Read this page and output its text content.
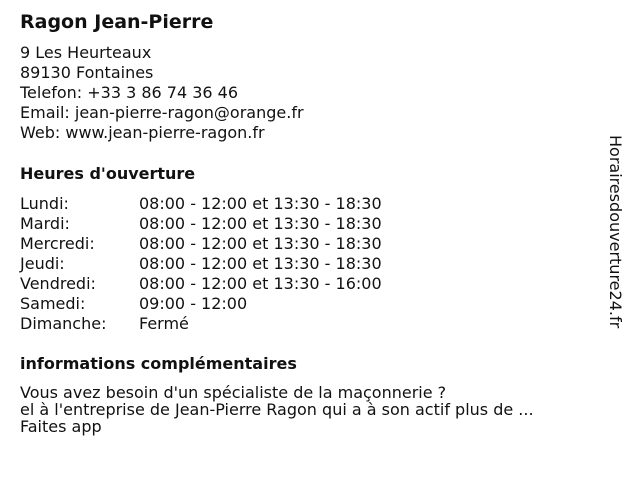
Ragon Jean-Pierre
9 Les Heurteaux
89130 Fontaines
Telefon: +33 3 86 74 36 46
Email: jean-pierre-ragon@orange.fr
Web: www.jean-pierre-ragon.fr
Heures d'ouverture
Lundi:	08:00 - 12:00 et 13:30 - 18:30
Mardi:	08:00 - 12:00 et 13:30 - 18:30
Mercredi:	08:00 - 12:00 et 13:30 - 18:30
Jeudi:	08:00 - 12:00 et 13:30 - 18:30
Vendredi:	08:00 - 12:00 et 13:30 - 16:00
Samedi:	09:00 - 12:00
Dimanche: Fermé
informations complémentaires
Vous avez besoin d'un spécialiste de la maçonnerie ?
el à l'entreprise de Jean-Pierre Ragon qui a à son actif plus de ...
Faites app
Horairesdouverture24.fr
